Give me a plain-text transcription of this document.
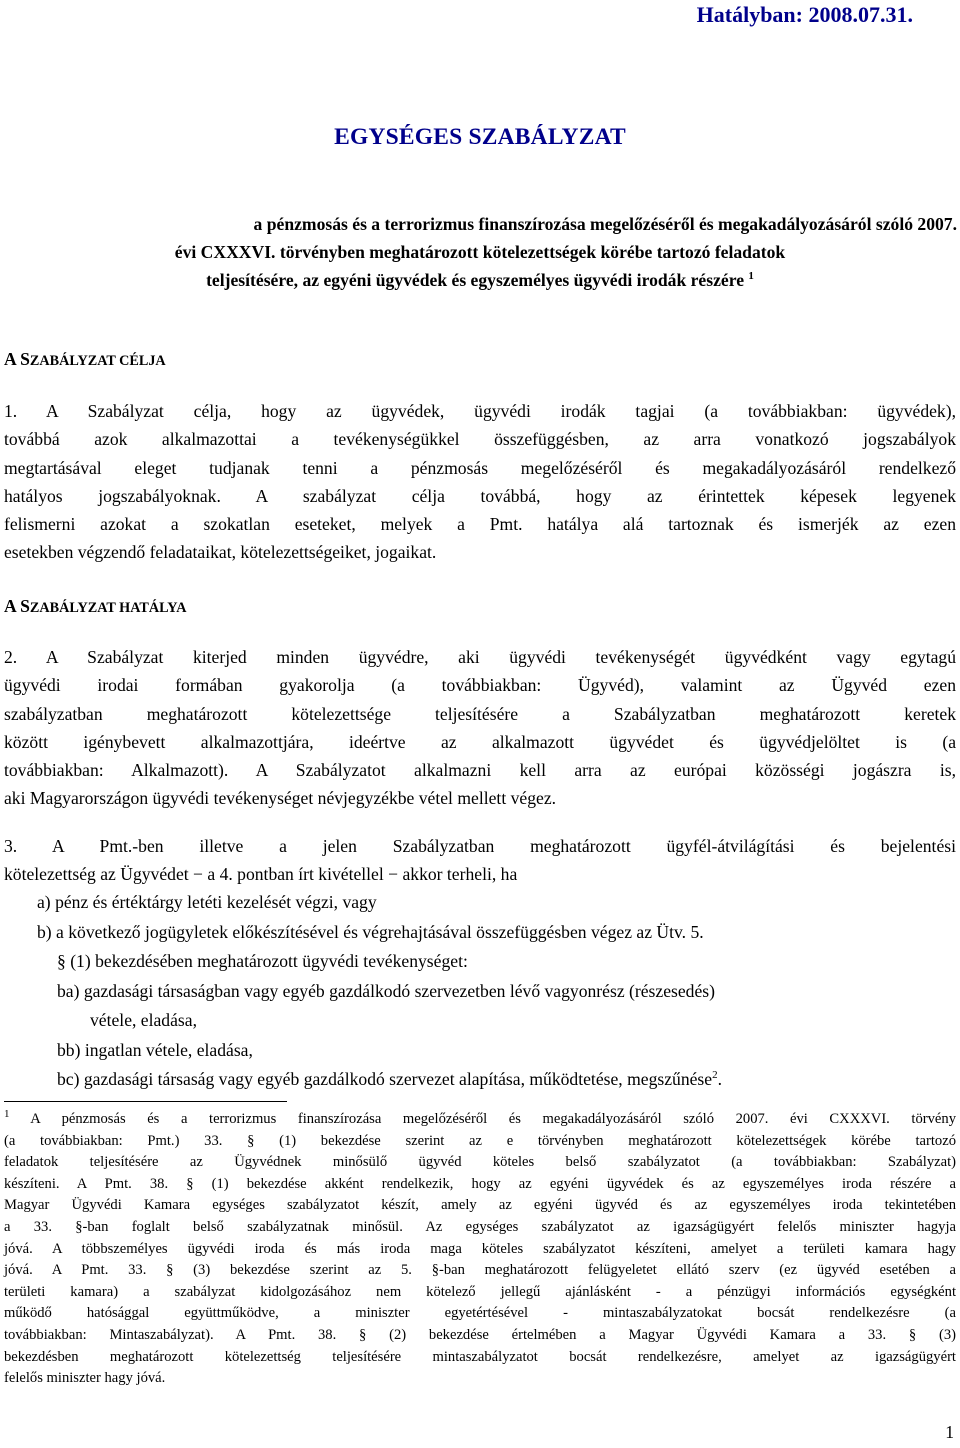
Hatályban: 2008.07.31.
EGYSÉGES SZABÁLYZAT
a pénzmosás és a terrorizmus finanszírozása megelőzéséről és megakadályozásáról szóló 2007.
évi CXXXVI. törvényben meghatározott kötelezettségek körébe tartozó feladatok
teljesítésére, az egyéni ügyvédek és egyszemélyes ügyvédi irodák részére $^1$
A SZABÁLYZAT CÉLJA
1. A Szabályzat célja, hogy az ügyvédek, ügyvédi irodák tagjai (a továbbiakban: ügyvédek),
továbbá azok alkalmazottai a tevékenységükkel összefüggésben, az arra vonatkozó jogszabályok
megtartásával eleget tudjanak tenni a pénzmosás megelőzéséről és megakadályozásáról rendelkező
hatályos jogszabályoknak. A szabályzat célja továbbá, hogy az érintettek képesek legyenek
felismerni azokat a szokatlan eseteket, melyek a Pmt. hatálya alá tartoznak és ismerjék az ezen
esetekben végzendő feladataikat, kötelezettségeiket, jogaikat.
A SZABÁLYZAT HATÁLYA
2. A Szabályzat kiterjed minden ügyvédre, aki ügyvédi tevékenységét ügyvédként vagy egytagú
ügyvédi irodai formában gyakorolja (a továbbiakban: Ügyvéd), valamint az Ügyvéd ezen
szabályzatban meghatározott kötelezettsége teljesítésére a Szabályzatban meghatározott keretek
között igénybevett alkalmazottjára, ideértve az alkalmazott ügyvédet és ügyvédjelöltet is (a
továbbiakban: Alkalmazott). A Szabályzatot alkalmazni kell arra az európai közösségi jogászra is,
aki Magyarországon ügyvédi tevékenységet névjegyzékbe vétel mellett végez.
3. A Pmt.-ben illetve a jelen Szabályzatban meghatározott ügyfél-átvilágítási és bejelentési
kötelezettség az Ügyvédet − a 4. pontban írt kivétellel − akkor terheli, ha
a) pénz és értéktárgy letéti kezelését végzi, vagy
b) a következő jogügyletek előkészítésével és végrehajtásával összefüggésben végez az Ütv. 5.
§ (1) bekezdésében meghatározott ügyvédi tevékenységet:
ba) gazdasági társaságban vagy egyéb gazdálkodó szervezetben lévő vagyonrész (részesedés)
vétele, eladása,
bb) ingatlan vétele, eladása,
bc) gazdasági társaság vagy egyéb gazdálkodó szervezet alapítása, működtetése, megszűnése$^2$.
$^1$ A pénzmosás és a terrorizmus finanszírozása megelőzéséről és megakadályozásáról szóló 2007. évi CXXXVI. törvény
(a továbbiakban: Pmt.) 33. § (1) bekezdése szerint az e törvényben meghatározott kötelezettségek körébe tartozó
feladatok teljesítésére az Ügyvédnek minősülő ügyvéd köteles belső szabályzatot (a továbbiakban: Szabályzat)
készíteni. A Pmt. 38. § (1) bekezdése akként rendelkezik, hogy az egyéni ügyvédek és az egyszemélyes iroda részére a
Magyar Ügyvédi Kamara egységes szabályzatot készít, amely az egyéni ügyvéd és az egyszemélyes iroda tekintetében
a 33. §-ban foglalt belső szabályzatnak minősül. Az egységes szabályzatot az igazságügyért felelős miniszter hagyja
jóvá. A többszemélyes ügyvédi iroda és más iroda maga köteles szabályzatot készíteni, amelyet a területi kamara hagy
jóvá. A Pmt. 33. § (3) bekezdése szerint az 5. §-ban meghatározott felügyeletet ellátó szerv (ez ügyvéd esetében a
területi kamara) a szabályzat kidolgozásához nem kötelező jellegű ajánlásként - a pénzügyi információs egységként
működő hatósággal együttműködve, a miniszter egyetértésével - mintaszabályzatokat bocsát rendelkezésre (a
továbbiakban: Mintaszabályzat). A Pmt. 38. § (2) bekezdése értelmében a Magyar Ügyvédi Kamara a 33. § (3)
bekezdésben meghatározott kötelezettség teljesítésére mintaszabályzatot bocsát rendelkezésre, amelyet az igazságügyért
felelős miniszter hagy jóvá.
1
